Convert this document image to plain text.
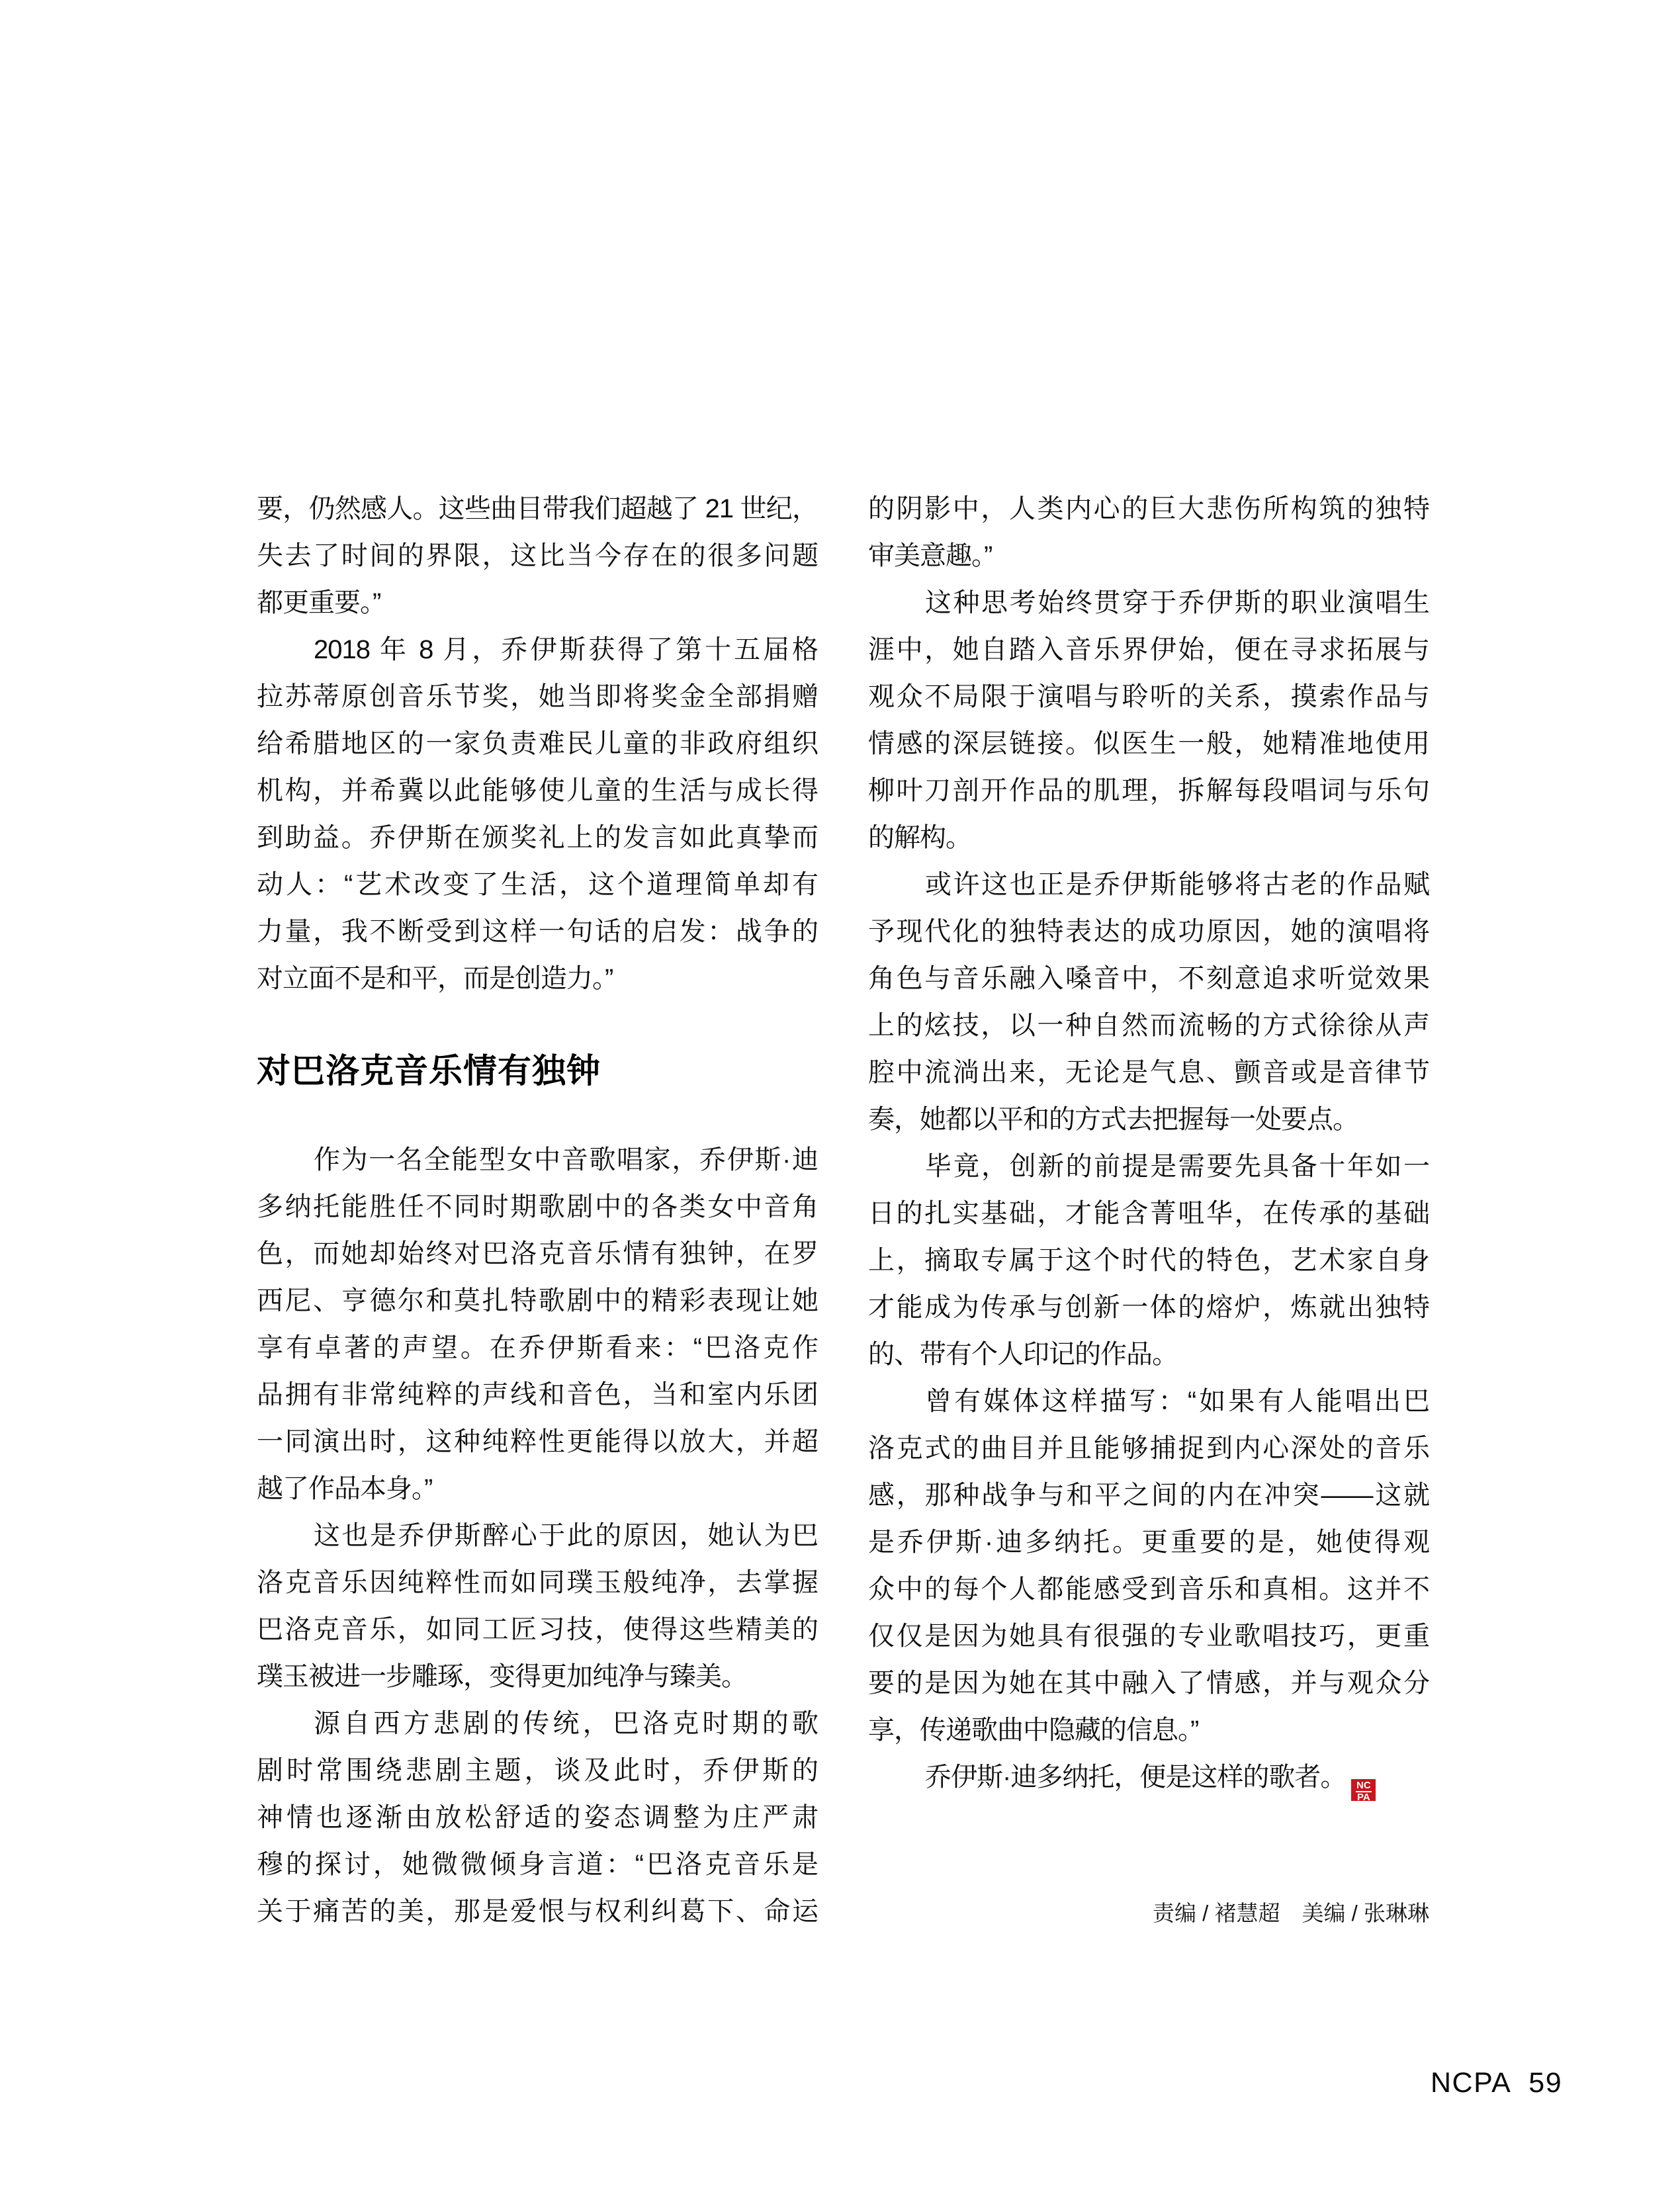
要，仍然感人。这些曲目带我们超越了 21 世纪，
失去了时间的界限，这比当今存在的很多问题
都更重要。”
2018 年 8 月，乔伊斯获得了第十五届格
拉苏蒂原创音乐节奖，她当即将奖金全部捐赠
给希腊地区的一家负责难民儿童的非政府组织
机构，并希冀以此能够使儿童的生活与成长得
到助益。乔伊斯在颁奖礼上的发言如此真挚而
动人：“艺术改变了生活，这个道理简单却有
力量，我不断受到这样一句话的启发：战争的
对立面不是和平，而是创造力。”
对巴洛克音乐情有独钟
作为一名全能型女中音歌唱家，乔伊斯·迪
多纳托能胜任不同时期歌剧中的各类女中音角
色，而她却始终对巴洛克音乐情有独钟，在罗
西尼、亨德尔和莫扎特歌剧中的精彩表现让她
享有卓著的声望。在乔伊斯看来：“巴洛克作
品拥有非常纯粹的声线和音色，当和室内乐团
一同演出时，这种纯粹性更能得以放大，并超
越了作品本身。”
这也是乔伊斯醉心于此的原因，她认为巴
洛克音乐因纯粹性而如同璞玉般纯净，去掌握
巴洛克音乐，如同工匠习技，使得这些精美的
璞玉被进一步雕琢，变得更加纯净与臻美。
源自西方悲剧的传统，巴洛克时期的歌
剧时常围绕悲剧主题，谈及此时，乔伊斯的
神情也逐渐由放松舒适的姿态调整为庄严肃
穆的探讨，她微微倾身言道：“巴洛克音乐是
关于痛苦的美，那是爱恨与权利纠葛下、命运
的阴影中，人类内心的巨大悲伤所构筑的独特
审美意趣。”
这种思考始终贯穿于乔伊斯的职业演唱生
涯中，她自踏入音乐界伊始，便在寻求拓展与
观众不局限于演唱与聆听的关系，摸索作品与
情感的深层链接。似医生一般，她精准地使用
柳叶刀剖开作品的肌理，拆解每段唱词与乐句
的解构。
或许这也正是乔伊斯能够将古老的作品赋
予现代化的独特表达的成功原因，她的演唱将
角色与音乐融入嗓音中，不刻意追求听觉效果
上的炫技，以一种自然而流畅的方式徐徐从声
腔中流淌出来，无论是气息、颤音或是音律节
奏，她都以平和的方式去把握每一处要点。
毕竟，创新的前提是需要先具备十年如一
日的扎实基础，才能含菁咀华，在传承的基础
上，摘取专属于这个时代的特色，艺术家自身
才能成为传承与创新一体的熔炉，炼就出独特
的、带有个人印记的作品。
曾有媒体这样描写：“如果有人能唱出巴
洛克式的曲目并且能够捕捉到内心深处的音乐
感，那种战争与和平之间的内在冲突——这就
是乔伊斯·迪多纳托。更重要的是，她使得观
众中的每个人都能感受到音乐和真相。这并不
仅仅是因为她具有很强的专业歌唱技巧，更重
要的是因为她在其中融入了情感，并与观众分
享，传递歌曲中隐藏的信息。”
乔伊斯·迪多纳托，便是这样的歌者。 $\frac{NC}{PA}$
责编 / 褚慧超　美编 / 张琳琳
NCPA 59
